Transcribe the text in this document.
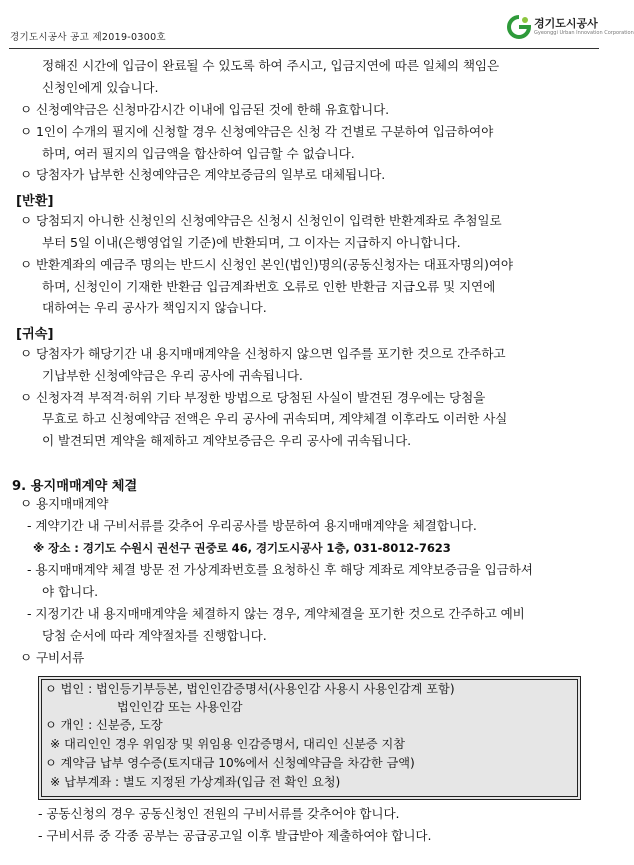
경기도시공사 공고 제2019-0300호
경기도시공사
Gyeonggi Urban Innovation Corporation
정해진 시간에 입금이 완료될 수 있도록 하여 주시고, 입금지연에 따른 일체의 책임은
신청인에게 있습니다.
ㅇ 신청예약금은 신청마감시간 이내에 입금된 것에 한해 유효합니다.
ㅇ 1인이 수개의 필지에 신청할 경우 신청예약금은 신청 각 건별로 구분하여 입금하여야
하며, 여러 필지의 입금액을 합산하여 입금할 수 없습니다.
ㅇ 당첨자가 납부한 신청예약금은 계약보증금의 일부로 대체됩니다.
[반환]
ㅇ 당첨되지 아니한 신청인의 신청예약금은 신청시 신청인이 입력한 반환계좌로 추첨일로
부터 5일 이내(은행영업일 기준)에 반환되며, 그 이자는 지급하지 아니합니다.
ㅇ 반환계좌의 예금주 명의는 반드시 신청인 본인(법인)명의(공동신청자는 대표자명의)여야
하며, 신청인이 기재한 반환금 입금계좌번호 오류로 인한 반환금 지급오류 및 지연에
대하여는 우리 공사가 책임지지 않습니다.
[귀속]
ㅇ 당첨자가 해당기간 내 용지매매계약을 신청하지 않으면 입주를 포기한 것으로 간주하고
기납부한 신청예약금은 우리 공사에 귀속됩니다.
ㅇ 신청자격 부적격·허위 기타 부정한 방법으로 당첨된 사실이 발견된 경우에는 당첨을
무효로 하고 신청예약금 전액은 우리 공사에 귀속되며, 계약체결 이후라도 이러한 사실
이 발견되면 계약을 해제하고 계약보증금은 우리 공사에 귀속됩니다.
9. 용지매매계약 체결
ㅇ 용지매매계약
- 계약기간 내 구비서류를 갖추어 우리공사를 방문하여 용지매매계약을 체결합니다.
※ 장소 : 경기도 수원시 권선구 권중로 46, 경기도시공사 1층, 031-8012-7623
- 용지매매계약 체결 방문 전 가상계좌번호를 요청하신 후 해당 계좌로 계약보증금을 입금하셔
야 합니다.
- 지정기간 내 용지매매계약을 체결하지 않는 경우, 계약체결을 포기한 것으로 간주하고 예비
당첨 순서에 따라 계약절차를 진행합니다.
ㅇ 구비서류
ㅇ 법인 : 법인등기부등본, 법인인감증명서(사용인감 사용시 사용인감계 포함)
법인인감 또는 사용인감
ㅇ 개인 : 신분증, 도장
※ 대리인인 경우 위임장 및 위임용 인감증명서, 대리인 신분증 지참
ㅇ 계약금 납부 영수증(토지대금 10%에서 신청예약금을 차감한 금액)
※ 납부계좌 : 별도 지정된 가상계좌(입금 전 확인 요청)
- 공동신청의 경우 공동신청인 전원의 구비서류를 갖추어야 합니다.
- 구비서류 중 각종 공부는 공급공고일 이후 발급받아 제출하여야 합니다.
